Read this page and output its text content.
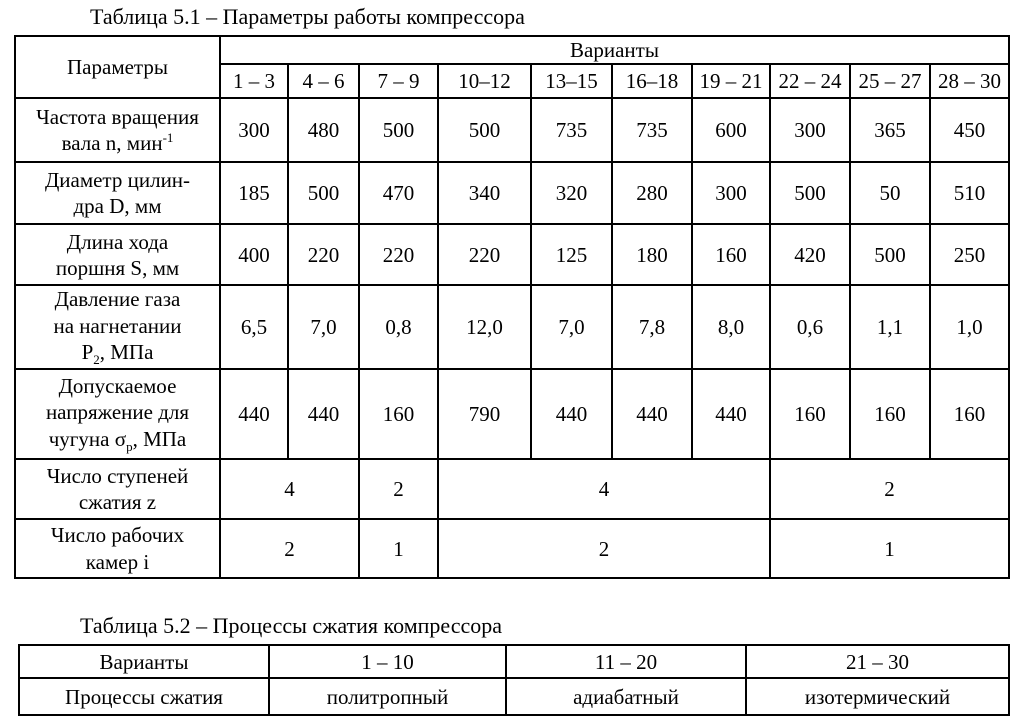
Таблица 5.1 – Параметры работы компрессора
Параметры	Варианты									
	1 – 3	4 – 6	7 – 9	10–12	13–15	16–18	19 – 21	22 – 24	25 – 27	28 – 30

Частота вращения
вала n, мин$^{-1}$	300	480	500	500	735	735	600	300	365	450

Диаметр цилин-
дра D, мм	185	500	470	340	320	280	300	500	50	510

Длина хода
поршня S, мм	400	220	220	220	125	180	160	420	500	250

Давление газа
на нагнетании
$Р_2$, МПа	6,5	7,0	0,8	12,0	7,0	7,8	8,0	0,6	1,1	1,0

Допускаемое
напряжение для
чугуна $\sigma_р$, МПа	440	440	160	790	440	440	440	160	160	160

Число ступеней
сжатия z	4		2	4				2		

Число рабочих
камер i	2		1	2				1		
Таблица 5.2 – Процессы сжатия компрессора
Варианты	1 – 10	11 – 20	21 – 30
Процессы сжатия	политропный	адиабатный	изотермический
